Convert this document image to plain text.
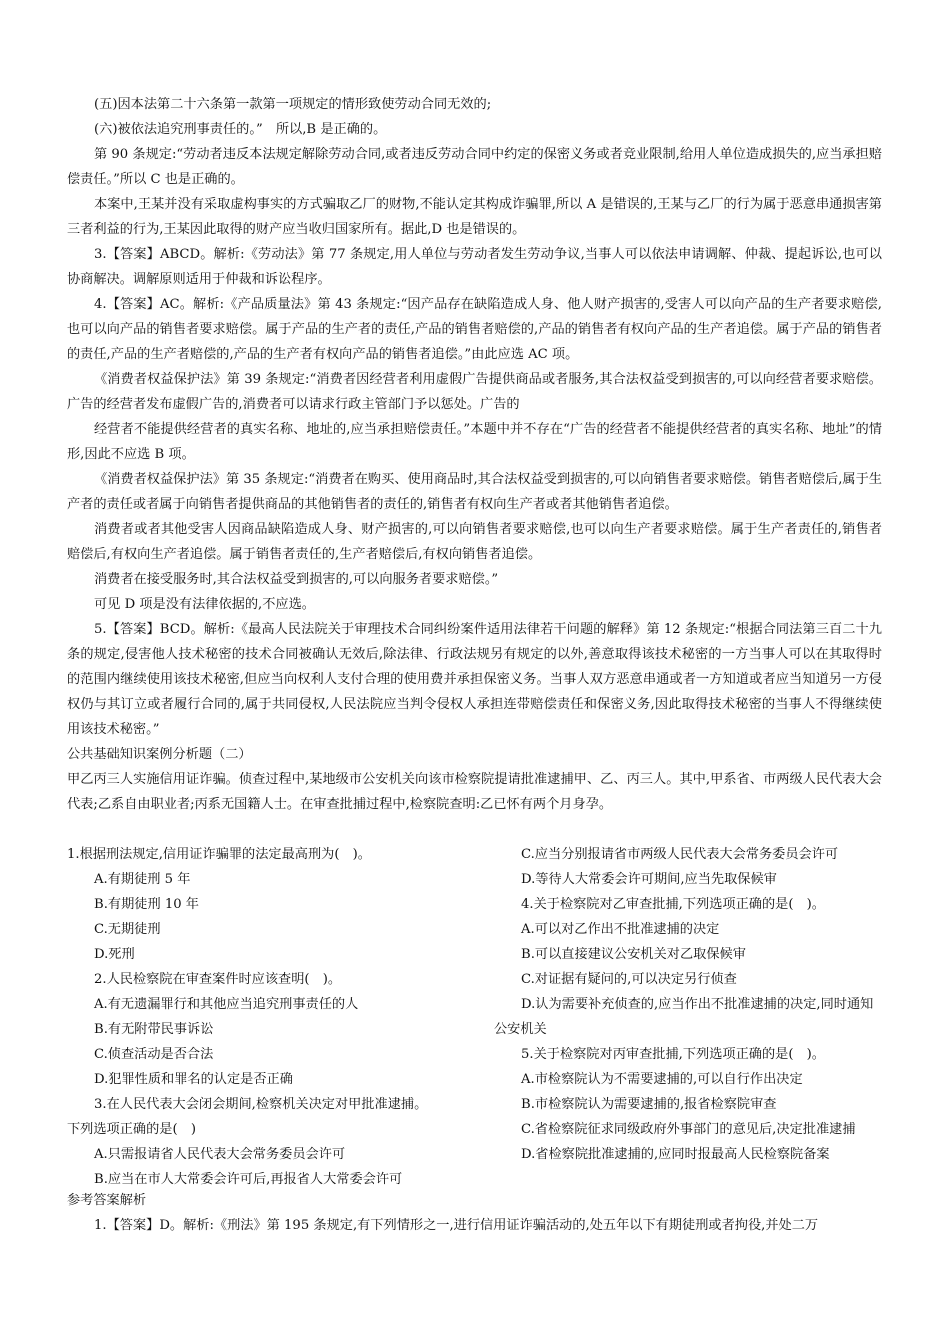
(五)因本法第二十六条第一款第一项规定的情形致使劳动合同无效的;

(六)被依法追究刑事责任的。”　所以,B 是正确的。

第 90 条规定:“劳动者违反本法规定解除劳动合同,或者违反劳动合同中约定的保密义务或者竞业限制,给用人单位造成损失的,应当承担赔偿责任。”所以 C 也是正确的。

本案中,王某并没有采取虚构事实的方式骗取乙厂的财物,不能认定其构成诈骗罪,所以 A 是错误的,王某与乙厂的行为属于恶意串通损害第三者利益的行为,王某因此取得的财产应当收归国家所有。据此,D 也是错误的。

3.【答案】ABCD。解析:《劳动法》第 77 条规定,用人单位与劳动者发生劳动争议,当事人可以依法申请调解、仲裁、提起诉讼,也可以协商解决。调解原则适用于仲裁和诉讼程序。

4.【答案】AC。解析:《产品质量法》第 43 条规定:“因产品存在缺陷造成人身、他人财产损害的,受害人可以向产品的生产者要求赔偿,也可以向产品的销售者要求赔偿。属于产品的生产者的责任,产品的销售者赔偿的,产品的销售者有权向产品的生产者追偿。属于产品的销售者的责任,产品的生产者赔偿的,产品的生产者有权向产品的销售者追偿。”由此应选 AC 项。

《消费者权益保护法》第 39 条规定:“消费者因经营者利用虚假广告提供商品或者服务,其合法权益受到损害的,可以向经营者要求赔偿。广告的经营者发布虚假广告的,消费者可以请求行政主管部门予以惩处。广告的

经营者不能提供经营者的真实名称、地址的,应当承担赔偿责任。”本题中并不存在“广告的经营者不能提供经营者的真实名称、地址”的情形,因此不应选 B 项。

《消费者权益保护法》第 35 条规定:“消费者在购买、使用商品时,其合法权益受到损害的,可以向销售者要求赔偿。销售者赔偿后,属于生产者的责任或者属于向销售者提供商品的其他销售者的责任的,销售者有权向生产者或者其他销售者追偿。

消费者或者其他受害人因商品缺陷造成人身、财产损害的,可以向销售者要求赔偿,也可以向生产者要求赔偿。属于生产者责任的,销售者赔偿后,有权向生产者追偿。属于销售者责任的,生产者赔偿后,有权向销售者追偿。

消费者在接受服务时,其合法权益受到损害的,可以向服务者要求赔偿。”

可见 D 项是没有法律依据的,不应选。

5.【答案】BCD。解析:《最高人民法院关于审理技术合同纠纷案件适用法律若干问题的解释》第 12 条规定:“根据合同法第三百二十九条的规定,侵害他人技术秘密的技术合同被确认无效后,除法律、行政法规另有规定的以外,善意取得该技术秘密的一方当事人可以在其取得时的范围内继续使用该技术秘密,但应当向权利人支付合理的使用费并承担保密义务。当事人双方恶意串通或者一方知道或者应当知道另一方侵权仍与其订立或者履行合同的,属于共同侵权,人民法院应当判令侵权人承担连带赔偿责任和保密义务,因此取得技术秘密的当事人不得继续使用该技术秘密。”

公共基础知识案例分析题（二）

甲乙丙三人实施信用证诈骗。侦查过程中,某地级市公安机关向该市检察院提请批准逮捕甲、乙、丙三人。其中,甲系省、市两级人民代表大会代表;乙系自由职业者;丙系无国籍人士。在审查批捕过程中,检察院查明:乙已怀有两个月身孕。

1.根据刑法规定,信用证诈骗罪的法定最高刑为(　)。

A.有期徒刑 5 年

B.有期徒刑 10 年

C.无期徒刑

D.死刑

2.人民检察院在审查案件时应该查明(　)。

A.有无遗漏罪行和其他应当追究刑事责任的人

B.有无附带民事诉讼

C.侦查活动是否合法

D.犯罪性质和罪名的认定是否正确

3.在人民代表大会闭会期间,检察机关决定对甲批准逮捕。

下列选项正确的是(　)

A.只需报请省人民代表大会常务委员会许可

B.应当在市人大常委会许可后,再报省人大常委会许可

C.应当分别报请省市两级人民代表大会常务委员会许可

D.等待人大常委会许可期间,应当先取保候审

4.关于检察院对乙审查批捕,下列选项正确的是(　)。

A.可以对乙作出不批准逮捕的决定

B.可以直接建议公安机关对乙取保候审

C.对证据有疑问的,可以决定另行侦查

D.认为需要补充侦查的,应当作出不批准逮捕的决定,同时通知公安机关

5.关于检察院对丙审查批捕,下列选项正确的是(　)。

A.市检察院认为不需要逮捕的,可以自行作出决定

B.市检察院认为需要逮捕的,报省检察院审查

C.省检察院征求同级政府外事部门的意见后,决定批准逮捕

D.省检察院批准逮捕的,应同时报最高人民检察院备案

参考答案解析

1.【答案】D。解析:《刑法》第 195 条规定,有下列情形之一,进行信用证诈骗活动的,处五年以下有期徒刑或者拘役,并处二万
